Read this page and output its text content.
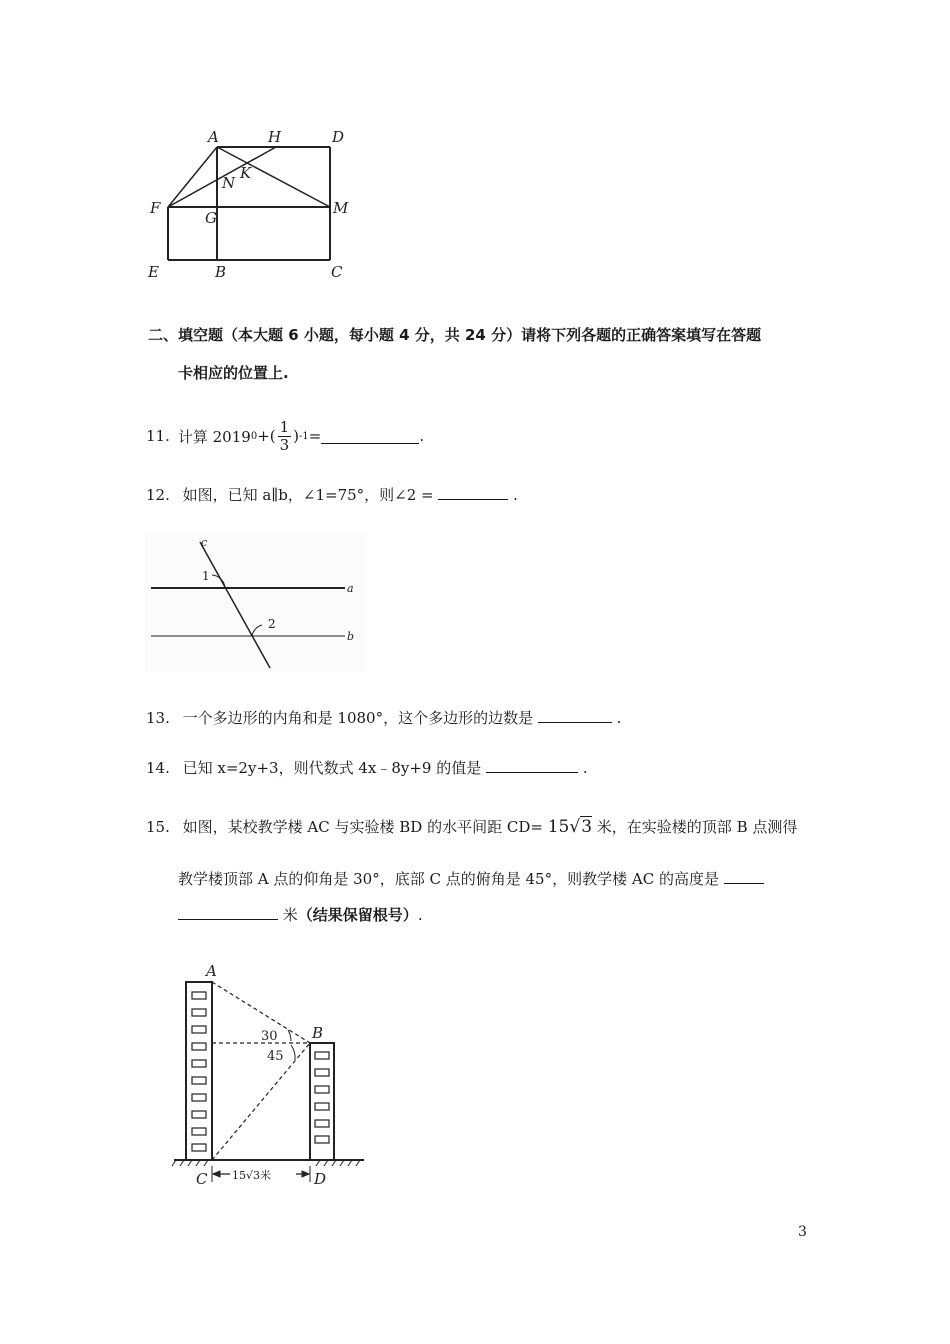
A	H	D
N
K
F
G
M
E	B	C
二、填空题（本大题 6 小题，每小题 4 分，共 24 分）请将下列各题的正确答案填写在答题
卡相应的位置上.
11. 计算 2019 0 +( $\frac{1}{3}$ ) -1 =	.
12. 如图，已知 a∥b，∠1=75°，则∠2 =	.
c
a
b
1
2
13. 一个多边形的内角和是 1080°，这个多边形的边数是	.
14. 已知 x=2y+3，则代数式 4x﹣8y+9 的值是	.
15. 如图，某校教学楼 AC 与实验楼 BD 的水平间距 CD= 15√3 米，在实验楼的顶部 B 点测得
教学楼顶部 A 点的仰角是 30°，底部 C 点的俯角是 45°，则教学楼 AC 的高度是
米（结果保留根号）.
A
B
C	D
30
45
15√3米
3
